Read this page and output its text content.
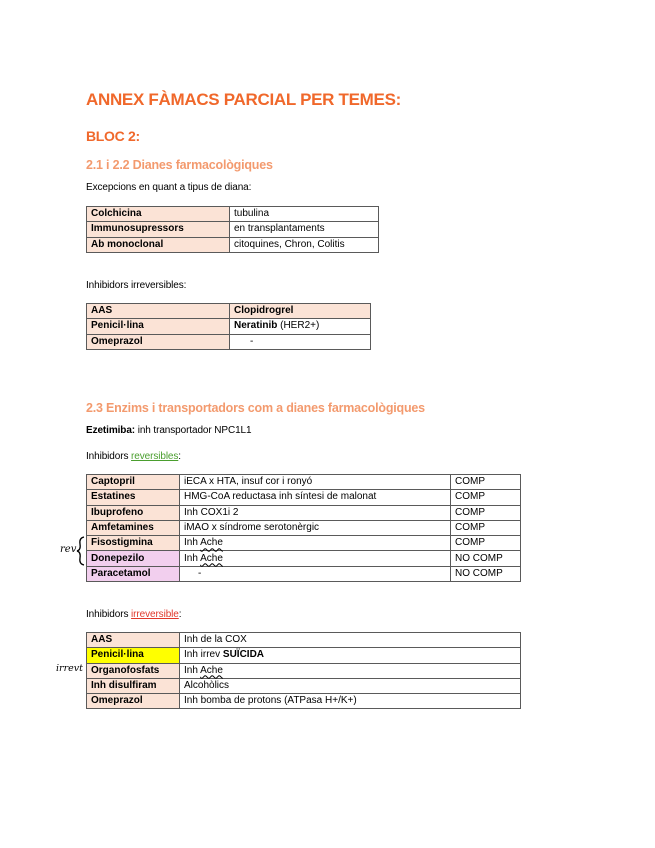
ANNEX FÀMACS PARCIAL PER TEMES:
BLOC 2:
2.1 i 2.2 Dianes farmacològiques
Excepcions en quant a tipus de diana:
Colchicina	tubulina
Immunosupressors	en transplantaments
Ab monoclonal	citoquines, Chron, Colitis
Inhibidors irreversibles:
AAS	Clopidrogrel
Penicil·lina	Neratinib (HER2+)
Omeprazol	-
2.3 Enzims i transportadors com a dianes farmacològiques
Ezetimiba: inh transportador NPC1L1
Inhibidors reversibles:
Captopril	iECA x HTA, insuf cor i ronyó	COMP
Estatines	HMG-CoA reductasa inh síntesi de malonat	COMP
Ibuprofeno	Inh COX1i 2	COMP
Amfetamines	iMAO x síndrome serotonèrgic	COMP
Fisostigmina	Inh Ache	COMP
Donepezilo	Inh Ache	NO COMP
Paracetamol	-	NO COMP
rev
Inhibidors irreversible:
AAS	Inh de la COX
Penicil·lina	Inh irrev SUÏCIDA
Organofosfats	Inh Ache
Inh disulfiram	Alcohòlics
Omeprazol	Inh bomba de protons (ATPasa H+/K+)
irrevt
